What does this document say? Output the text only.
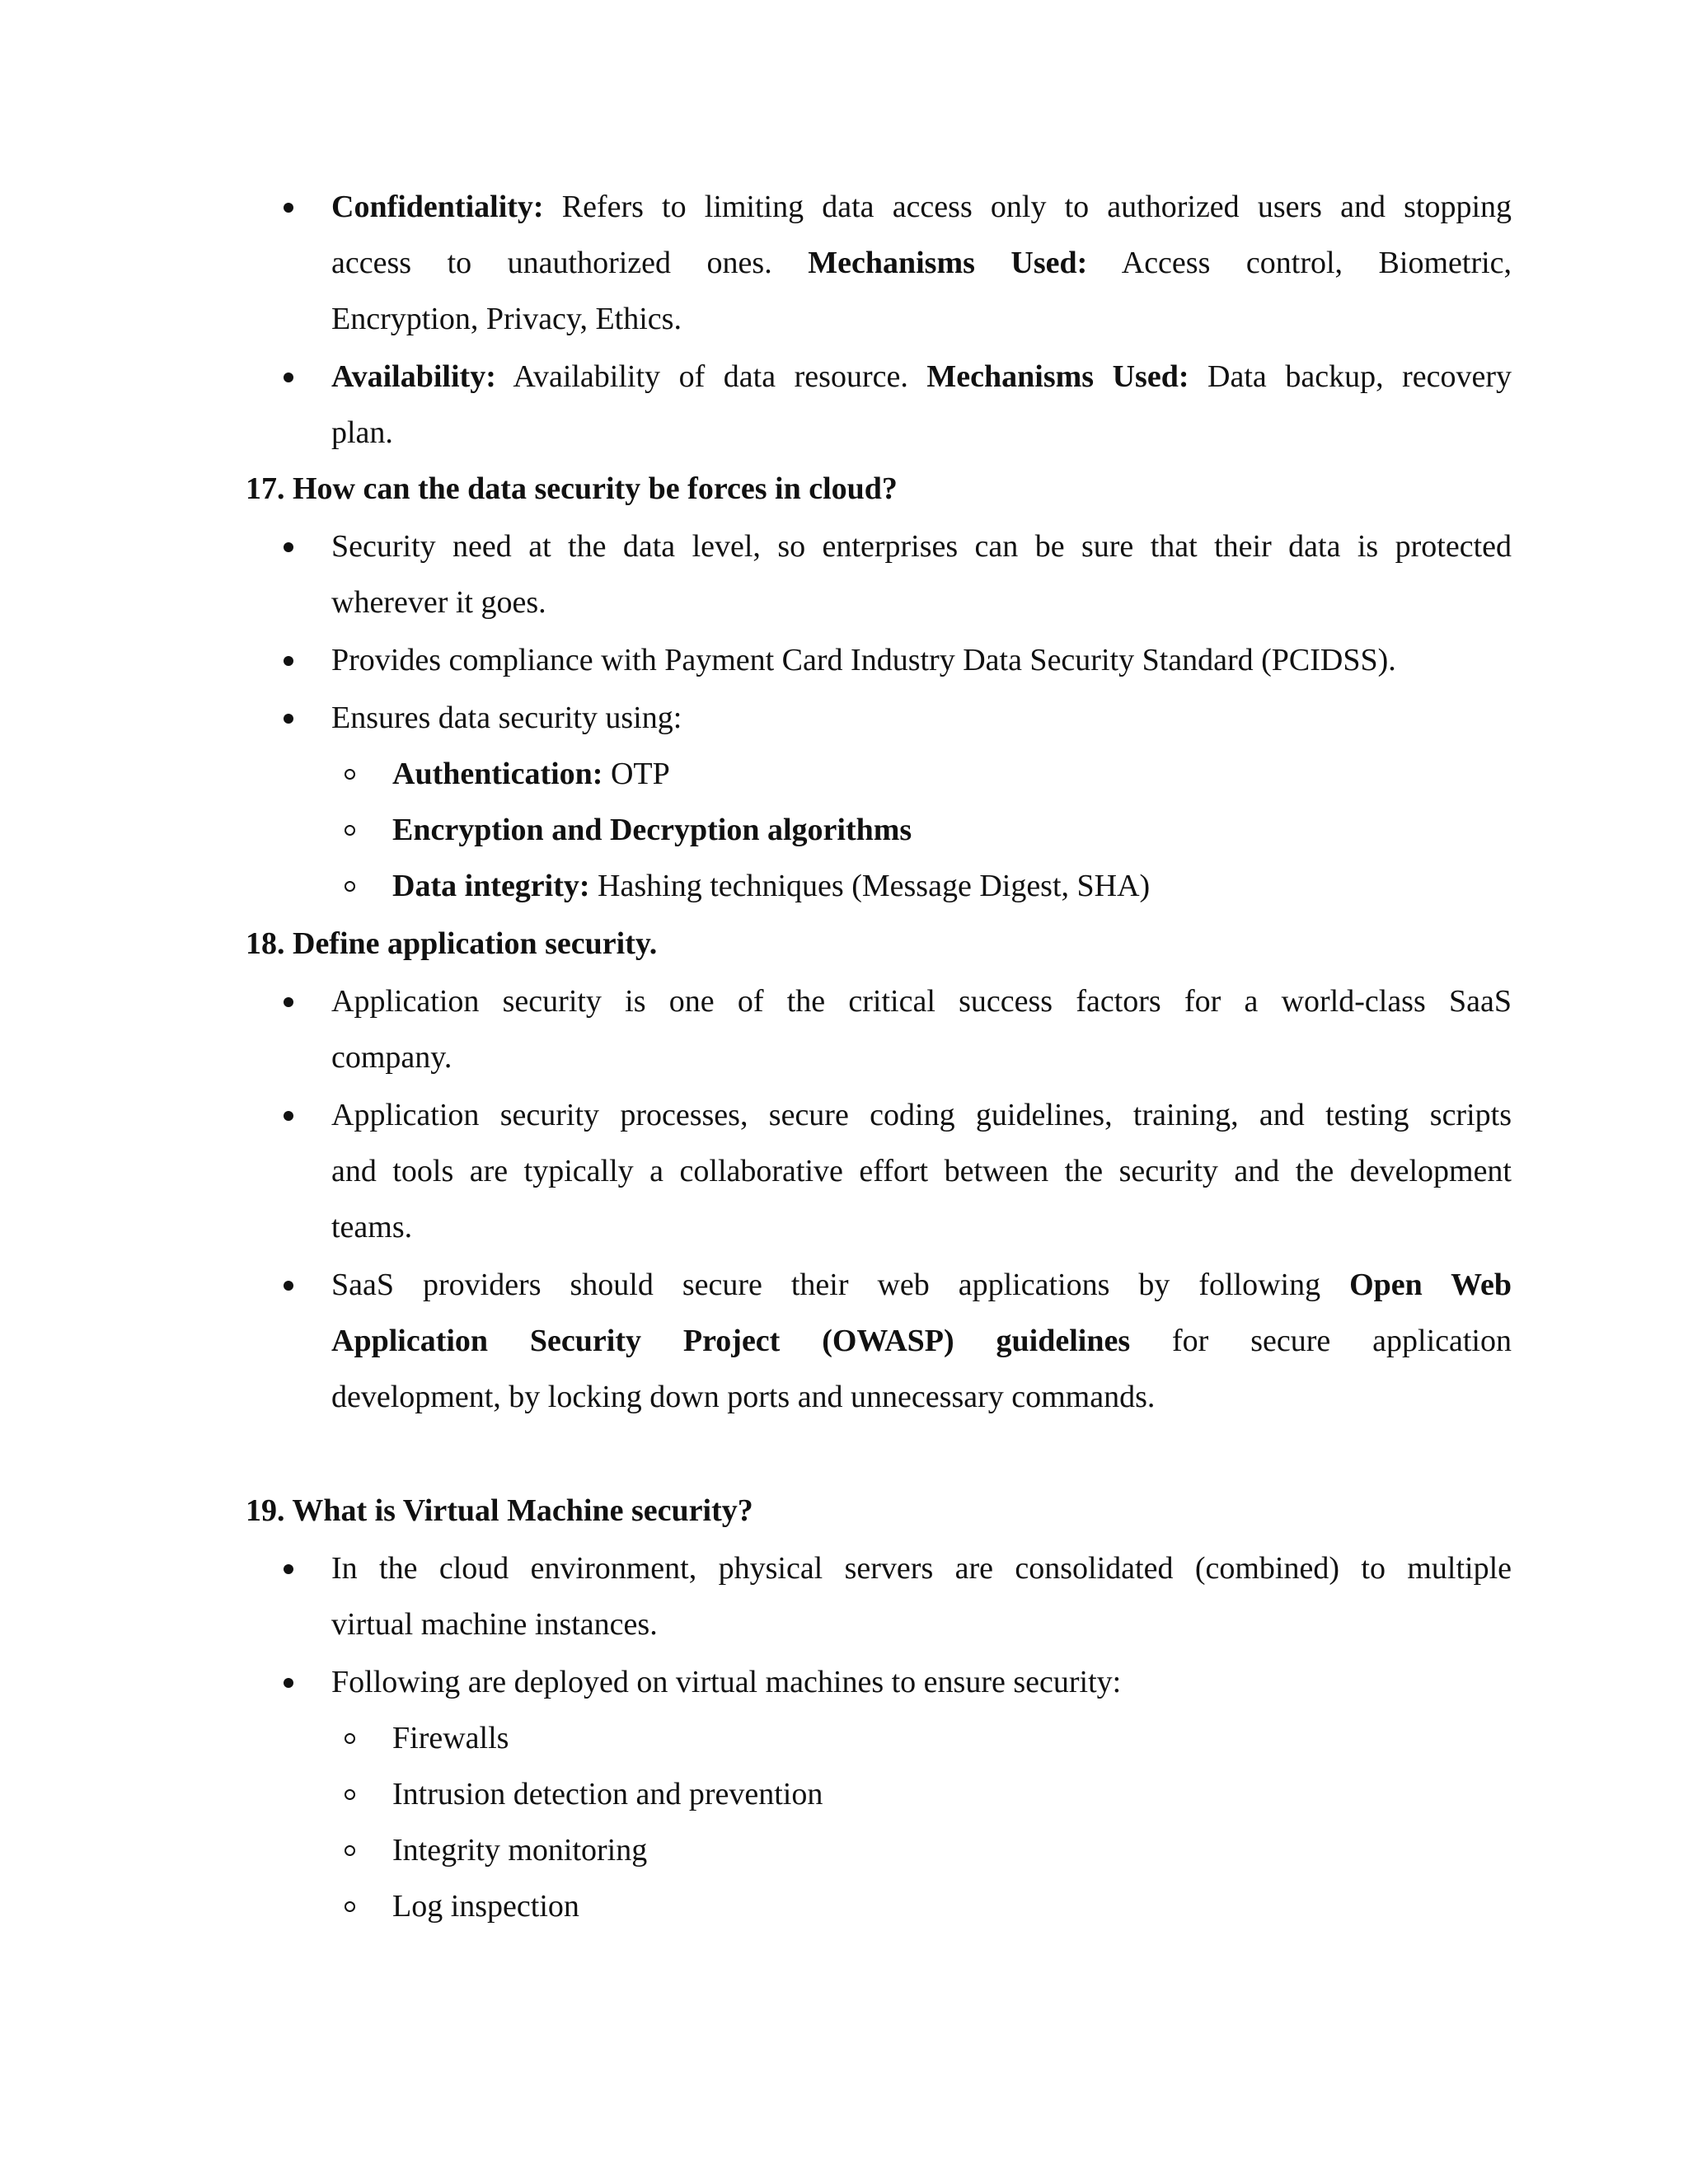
Confidentiality: Refers to limiting data access only to authorized users and stopping

access to unauthorized ones. Mechanisms Used: Access control, Biometric,

Encryption, Privacy, Ethics.

Availability: Availability of data resource. Mechanisms Used: Data backup, recovery

plan.

17. How can the data security be forces in cloud?

Security need at the data level, so enterprises can be sure that their data is protected

wherever it goes.

Provides compliance with Payment Card Industry Data Security Standard (PCIDSS).

Ensures data security using:

Authentication: OTP

Encryption and Decryption algorithms

Data integrity: Hashing techniques (Message Digest, SHA)

18. Define application security.

Application security is one of the critical success factors for a world-class SaaS

company.

Application security processes, secure coding guidelines, training, and testing scripts

and tools are typically a collaborative effort between the security and the development

teams.

SaaS providers should secure their web applications by following Open Web

Application Security Project (OWASP) guidelines for secure application

development, by locking down ports and unnecessary commands.

19. What is Virtual Machine security?

In the cloud environment, physical servers are consolidated (combined) to multiple

virtual machine instances.

Following are deployed on virtual machines to ensure security:

Firewalls

Intrusion detection and prevention

Integrity monitoring

Log inspection
